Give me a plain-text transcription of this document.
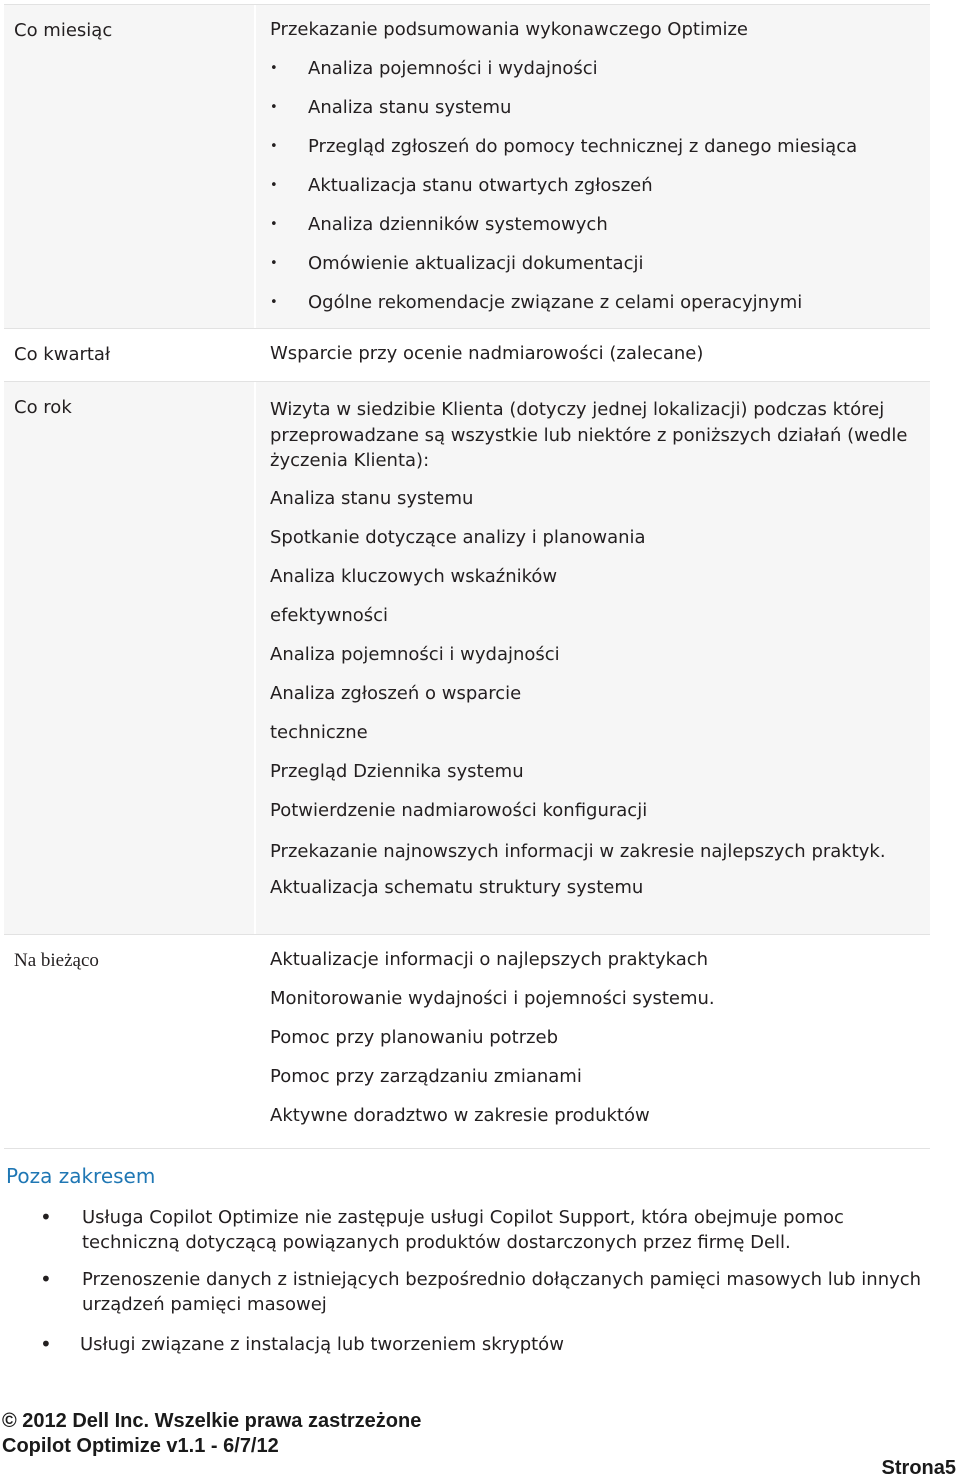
Co miesiąc	Przekazanie podsumowania wykonawczego Optimize
• Analiza pojemności i wydajności
• Analiza stanu systemu
• Przegląd zgłoszeń do pomocy technicznej z danego miesiąca
• Aktualizacja stanu otwartych zgłoszeń
• Analiza dzienników systemowych
• Omówienie aktualizacji dokumentacji
• Ogólne rekomendacje związane z celami operacyjnymi
Co kwartał	Wsparcie przy ocenie nadmiarowości (zalecane)
Co rok	Wizyta w siedzibie Klienta (dotyczy jednej lokalizacji) podczas której przeprowadzane są wszystkie lub niektóre z poniższych działań (wedle życzenia Klienta):
Analiza stanu systemu
Spotkanie dotyczące analizy i planowania
Analiza kluczowych wskaźników
efektywności
Analiza pojemności i wydajności
Analiza zgłoszeń o wsparcie
techniczne
Przegląd Dziennika systemu
Potwierdzenie nadmiarowości konfiguracji
Przekazanie najnowszych informacji w zakresie najlepszych praktyk.
Aktualizacja schematu struktury systemu
Na bieżąco	Aktualizacje informacji o najlepszych praktykach
Monitorowanie wydajności i pojemności systemu.
Pomoc przy planowaniu potrzeb
Pomoc przy zarządzaniu zmianami
Aktywne doradztwo w zakresie produktów
Poza zakresem
• Usługa Copilot Optimize nie zastępuje usługi Copilot Support, która obejmuje pomoc techniczną dotyczącą powiązanych produktów dostarczonych przez firmę Dell.
• Przenoszenie danych z istniejących bezpośrednio dołączanych pamięci masowych lub innych urządzeń pamięci masowej
• Usługi związane z instalacją lub tworzeniem skryptów
© 2012 Dell Inc. Wszelkie prawa zastrzeżone
Copilot Optimize v1.1 - 6/7/12
Strona5
